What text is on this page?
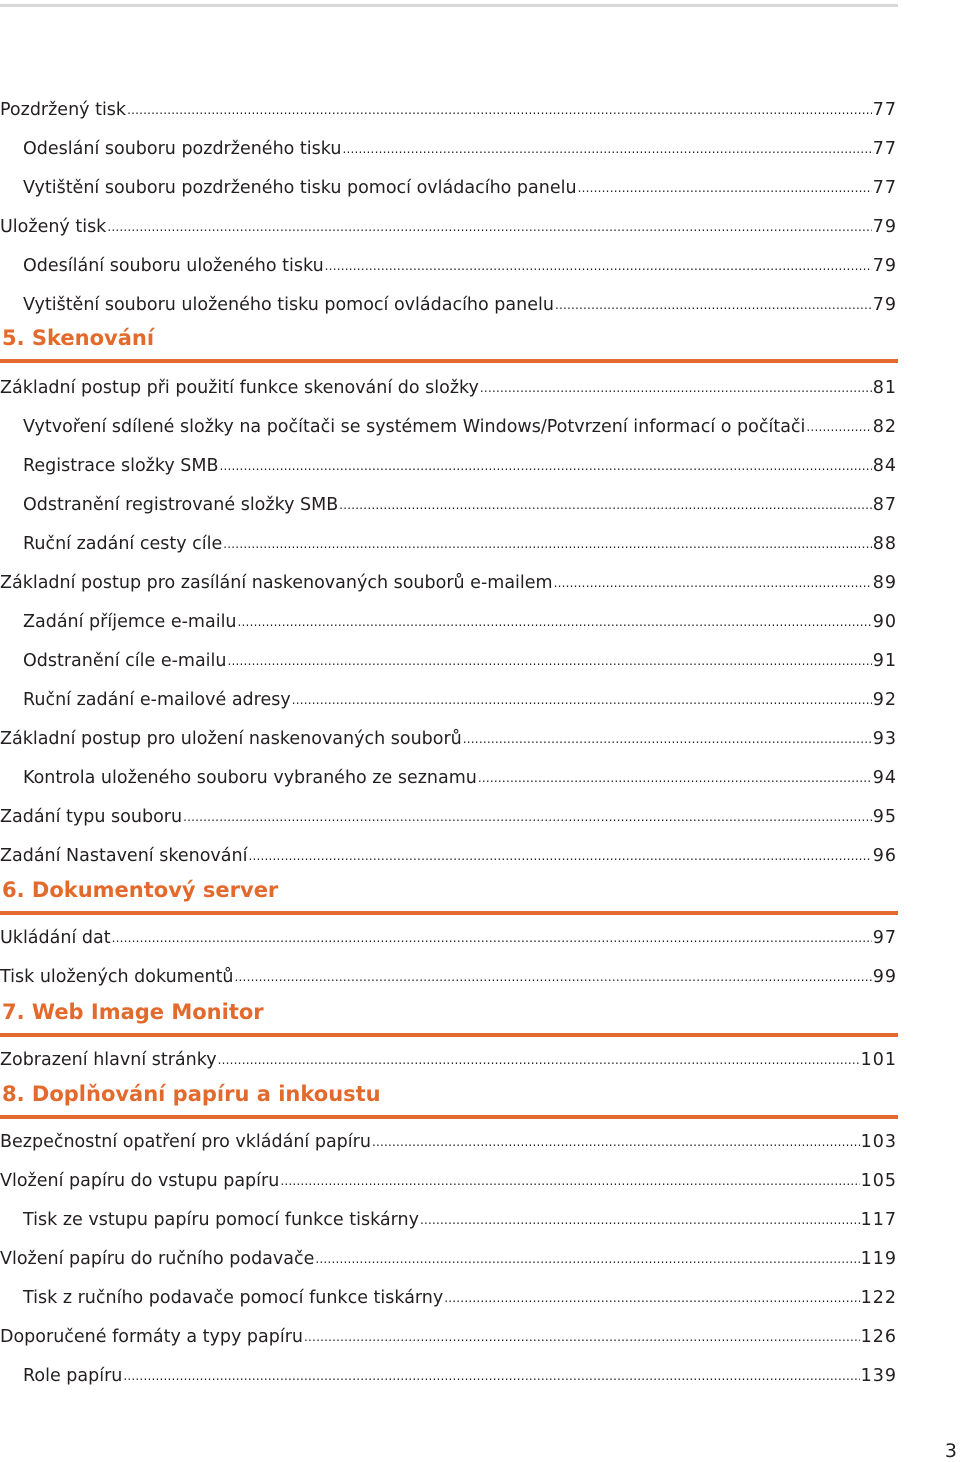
Pozdržený tisk .....	77
Odeslání souboru pozdrženého tisku .....	77
Vytištění souboru pozdrženého tisku pomocí ovládacího panelu .....	77
Uložený tisk .....	79
Odesílání souboru uloženého tisku .....	79
Vytištění souboru uloženého tisku pomocí ovládacího panelu .....	79
5. Skenování
Základní postup při použití funkce skenování do složky .....	81
Vytvoření sdílené složky na počítači se systémem Windows/Potvrzení informací o počítači .....	82
Registrace složky SMB .....	84
Odstranění registrované složky SMB .....	87
Ruční zadání cesty cíle .....	88
Základní postup pro zasílání naskenovaných souborů e-mailem .....	89
Zadání příjemce e-mailu .....	90
Odstranění cíle e-mailu .....	91
Ruční zadání e-mailové adresy .....	92
Základní postup pro uložení naskenovaných souborů .....	93
Kontrola uloženého souboru vybraného ze seznamu .....	94
Zadání typu souboru .....	95
Zadání Nastavení skenování .....	96
6. Dokumentový server
Ukládání dat .....	97
Tisk uložených dokumentů .....	99
7. Web Image Monitor
Zobrazení hlavní stránky .....	101
8. Doplňování papíru a inkoustu
Bezpečnostní opatření pro vkládání papíru .....	103
Vložení papíru do vstupu papíru .....	105
Tisk ze vstupu papíru pomocí funkce tiskárny .....	117
Vložení papíru do ručního podavače .....	119
Tisk z ručního podavače pomocí funkce tiskárny .....	122
Doporučené formáty a typy papíru .....	126
Role papíru .....	139
3
